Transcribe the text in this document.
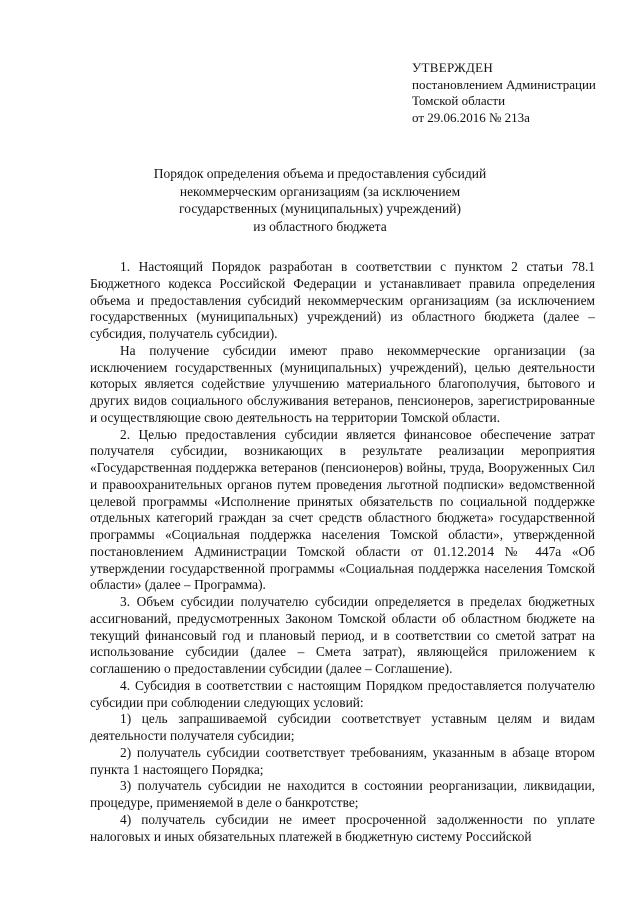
УТВЕРЖДЕН
постановлением Администрации
Томской области
от 29.06.2016 № 213а
Порядок определения объема и предоставления субсидий
некоммерческим организациям (за исключением
государственных (муниципальных) учреждений)
из областного бюджета

1. Настоящий Порядок разработан в соответствии с пунктом 2 статьи 78.1 Бюджетного кодекса Российской Федерации и устанавливает правила определения объема и предоставления субсидий некоммерческим организациям (за исключением государственных (муниципальных) учреждений) из областного бюджета (далее – субсидия, получатель субсидии).

На получение субсидии имеют право некоммерческие организации (за исключением государственных (муниципальных) учреждений), целью деятельности которых является содействие улучшению материального благополучия, бытового и других видов социального обслуживания ветеранов, пенсионеров, зарегистрированные и осуществляющие свою деятельность на территории Томской области.

2. Целью предоставления субсидии является финансовое обеспечение затрат получателя субсидии, возникающих в результате реализации мероприятия «Государственная поддержка ветеранов (пенсионеров) войны, труда, Вооруженных Сил и правоохранительных органов путем проведения льготной подписки» ведомственной целевой программы «Исполнение принятых обязательств по социальной поддержке отдельных категорий граждан за счет средств областного бюджета» государственной программы «Социальная поддержка населения Томской области», утвержденной постановлением Администрации Томской области от 01.12.2014 № 447а «Об утверждении государственной программы «Социальная поддержка населения Томской области» (далее – Программа).

3. Объем субсидии получателю субсидии определяется в пределах бюджетных ассигнований, предусмотренных Законом Томской области об областном бюджете на текущий финансовый год и плановый период, и в соответствии со сметой затрат на использование субсидии (далее – Смета затрат), являющейся приложением к соглашению о предоставлении субсидии (далее – Соглашение).

4. Субсидия в соответствии с настоящим Порядком предоставляется получателю субсидии при соблюдении следующих условий:

1) цель запрашиваемой субсидии соответствует уставным целям и видам деятельности получателя субсидии;

2) получатель субсидии соответствует требованиям, указанным в абзаце втором пункта 1 настоящего Порядка;

3) получатель субсидии не находится в состоянии реорганизации, ликвидации, процедуре, применяемой в деле о банкротстве;

4) получатель субсидии не имеет просроченной задолженности по уплате налоговых и иных обязательных платежей в бюджетную систему Российской
